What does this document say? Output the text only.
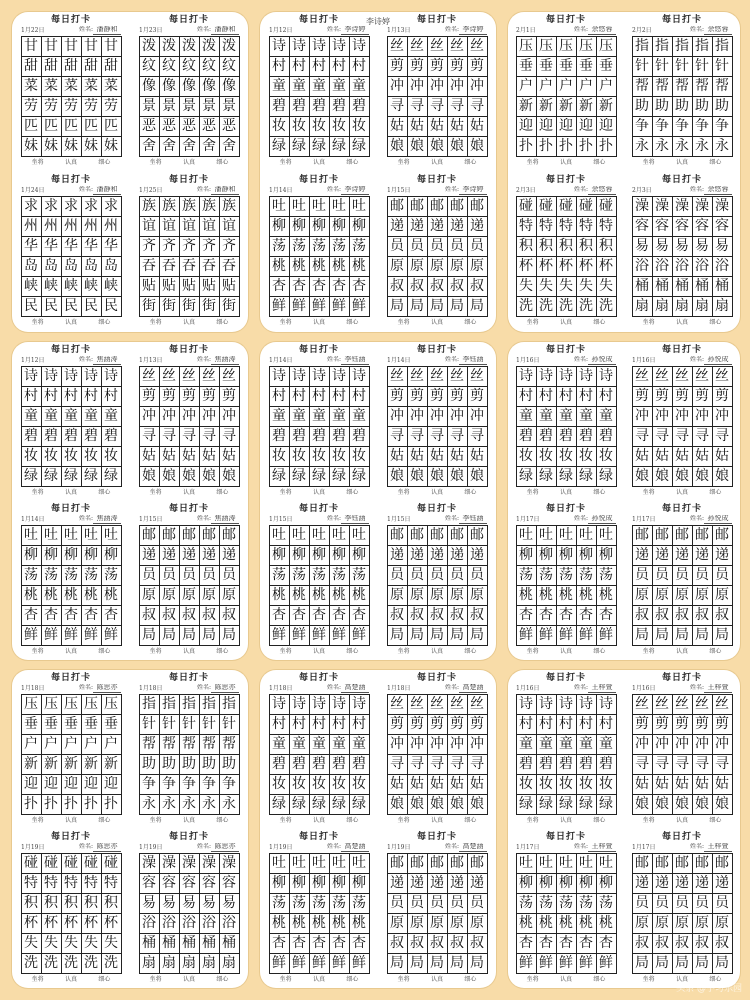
每日打卡
1月22日	姓名: 潘静和
甘	甘	甘	甘	甘
甜	甜	甜	甜	甜
菜	菜	菜	菜	菜
劳	劳	劳	劳	劳
匹	匹	匹	匹	匹
妹	妹	妹	妹	妹
坐将	认真	细心
每日打卡
1月23日	姓名: 潘静和
泼	泼	泼	泼	泼
纹	纹	纹	纹	纹
像	像	像	像	像
景	景	景	景	景
恶	恶	恶	恶	恶
舍	舍	舍	舍	舍
坐将	认真	细心
每日打卡
1月24日	姓名: 潘静和
求	求	求	求	求
州	州	州	州	州
华	华	华	华	华
岛	岛	岛	岛	岛
峡	峡	峡	峡	峡
民	民	民	民	民
坐将	认真	细心
每日打卡
1月25日	姓名: 潘静和
族	族	族	族	族
谊	谊	谊	谊	谊
齐	齐	齐	齐	齐
吞	吞	吞	吞	吞
贴	贴	贴	贴	贴
街	街	街	街	街
坐将	认真	细心
李诗婷
每日打卡
1月12日	姓名: 李诗婷
诗	诗	诗	诗	诗
村	村	村	村	村
童	童	童	童	童
碧	碧	碧	碧	碧
妆	妆	妆	妆	妆
绿	绿	绿	绿	绿
坐将	认真	细心
每日打卡
1月13日	姓名: 李诗婷
丝	丝	丝	丝	丝
剪	剪	剪	剪	剪
冲	冲	冲	冲	冲
寻	寻	寻	寻	寻
姑	姑	姑	姑	姑
娘	娘	娘	娘	娘
坐将	认真	细心
每日打卡
1月14日	姓名: 李诗婷
吐	吐	吐	吐	吐
柳	柳	柳	柳	柳
荡	荡	荡	荡	荡
桃	桃	桃	桃	桃
杏	杏	杏	杏	杏
鲜	鲜	鲜	鲜	鲜
坐将	认真	细心
每日打卡
1月15日	姓名: 李诗婷
邮	邮	邮	邮	邮
递	递	递	递	递
员	员	员	员	员
原	原	原	原	原
叔	叔	叔	叔	叔
局	局	局	局	局
坐将	认真	细心
每日打卡
2月1日	姓名: 余悠蓉
压	压	压	压	压
垂	垂	垂	垂	垂
户	户	户	户	户
新	新	新	新	新
迎	迎	迎	迎	迎
扑	扑	扑	扑	扑
坐将	认真	细心
每日打卡
2月2日	姓名: 余悠蓉
指	指	指	指	指
针	针	针	针	针
帮	帮	帮	帮	帮
助	助	助	助	助
争	争	争	争	争
永	永	永	永	永
坐将	认真	细心
每日打卡
2月3日	姓名: 余悠蓉
碰	碰	碰	碰	碰
特	特	特	特	特
积	积	积	积	积
杯	杯	杯	杯	杯
失	失	失	失	失
洗	洗	洗	洗	洗
坐将	认真	细心
每日打卡
2月3日	姓名: 余悠蓉
澡	澡	澡	澡	澡
容	容	容	容	容
易	易	易	易	易
浴	浴	浴	浴	浴
桶	桶	桶	桶	桶
扇	扇	扇	扇	扇
坐将	认真	细心
每日打卡
1月12日	姓名: 焦涵涛
诗	诗	诗	诗	诗
村	村	村	村	村
童	童	童	童	童
碧	碧	碧	碧	碧
妆	妆	妆	妆	妆
绿	绿	绿	绿	绿
坐将	认真	细心
每日打卡
1月13日	姓名: 焦涵涛
丝	丝	丝	丝	丝
剪	剪	剪	剪	剪
冲	冲	冲	冲	冲
寻	寻	寻	寻	寻
姑	姑	姑	姑	姑
娘	娘	娘	娘	娘
坐将	认真	细心
每日打卡
1月14日	姓名: 焦涵涛
吐	吐	吐	吐	吐
柳	柳	柳	柳	柳
荡	荡	荡	荡	荡
桃	桃	桃	桃	桃
杏	杏	杏	杏	杏
鲜	鲜	鲜	鲜	鲜
坐将	认真	细心
每日打卡
1月15日	姓名: 焦涵涛
邮	邮	邮	邮	邮
递	递	递	递	递
员	员	员	员	员
原	原	原	原	原
叔	叔	叔	叔	叔
局	局	局	局	局
坐将	认真	细心
每日打卡
1月14日	姓名: 李钰涵
诗	诗	诗	诗	诗
村	村	村	村	村
童	童	童	童	童
碧	碧	碧	碧	碧
妆	妆	妆	妆	妆
绿	绿	绿	绿	绿
坐将	认真	细心
每日打卡
1月14日	姓名: 李钰涵
丝	丝	丝	丝	丝
剪	剪	剪	剪	剪
冲	冲	冲	冲	冲
寻	寻	寻	寻	寻
姑	姑	姑	姑	姑
娘	娘	娘	娘	娘
坐将	认真	细心
每日打卡
1月15日	姓名: 李钰涵
吐	吐	吐	吐	吐
柳	柳	柳	柳	柳
荡	荡	荡	荡	荡
桃	桃	桃	桃	桃
杏	杏	杏	杏	杏
鲜	鲜	鲜	鲜	鲜
坐将	认真	细心
每日打卡
1月15日	姓名: 李钰涵
邮	邮	邮	邮	邮
递	递	递	递	递
员	员	员	员	员
原	原	原	原	原
叔	叔	叔	叔	叔
局	局	局	局	局
坐将	认真	细心
每日打卡
1月16日	姓名: 孙悦成
诗	诗	诗	诗	诗
村	村	村	村	村
童	童	童	童	童
碧	碧	碧	碧	碧
妆	妆	妆	妆	妆
绿	绿	绿	绿	绿
坐将	认真	细心
每日打卡
1月16日	姓名: 孙悦成
丝	丝	丝	丝	丝
剪	剪	剪	剪	剪
冲	冲	冲	冲	冲
寻	寻	寻	寻	寻
姑	姑	姑	姑	姑
娘	娘	娘	娘	娘
坐将	认真	细心
每日打卡
1月17日	姓名: 孙悦成
吐	吐	吐	吐	吐
柳	柳	柳	柳	柳
荡	荡	荡	荡	荡
桃	桃	桃	桃	桃
杏	杏	杏	杏	杏
鲜	鲜	鲜	鲜	鲜
坐将	认真	细心
每日打卡
1月17日	姓名: 孙悦成
邮	邮	邮	邮	邮
递	递	递	递	递
员	员	员	员	员
原	原	原	原	原
叔	叔	叔	叔	叔
局	局	局	局	局
坐将	认真	细心
每日打卡
1月18日	姓名: 陈思亦
压	压	压	压	压
垂	垂	垂	垂	垂
户	户	户	户	户
新	新	新	新	新
迎	迎	迎	迎	迎
扑	扑	扑	扑	扑
坐将	认真	细心
每日打卡
1月18日	姓名: 陈思亦
指	指	指	指	指
针	针	针	针	针
帮	帮	帮	帮	帮
助	助	助	助	助
争	争	争	争	争
永	永	永	永	永
坐将	认真	细心
每日打卡
1月19日	姓名: 陈思亦
碰	碰	碰	碰	碰
特	特	特	特	特
积	积	积	积	积
杯	杯	杯	杯	杯
失	失	失	失	失
洗	洗	洗	洗	洗
坐将	认真	细心
每日打卡
1月19日	姓名: 陈思亦
澡	澡	澡	澡	澡
容	容	容	容	容
易	易	易	易	易
浴	浴	浴	浴	浴
桶	桶	桶	桶	桶
扇	扇	扇	扇	扇
坐将	认真	细心
每日打卡
1月18日	姓名: 高楚涵
诗	诗	诗	诗	诗
村	村	村	村	村
童	童	童	童	童
碧	碧	碧	碧	碧
妆	妆	妆	妆	妆
绿	绿	绿	绿	绿
坐将	认真	细心
每日打卡
1月18日	姓名: 高楚涵
丝	丝	丝	丝	丝
剪	剪	剪	剪	剪
冲	冲	冲	冲	冲
寻	寻	寻	寻	寻
姑	姑	姑	姑	姑
娘	娘	娘	娘	娘
坐将	认真	细心
每日打卡
1月19日	姓名: 高楚涵
吐	吐	吐	吐	吐
柳	柳	柳	柳	柳
荡	荡	荡	荡	荡
桃	桃	桃	桃	桃
杏	杏	杏	杏	杏
鲜	鲜	鲜	鲜	鲜
坐将	认真	细心
每日打卡
1月19日	姓名: 高楚涵
邮	邮	邮	邮	邮
递	递	递	递	递
员	员	员	员	员
原	原	原	原	原
叔	叔	叔	叔	叔
局	局	局	局	局
坐将	认真	细心
每日打卡
1月16日	姓名: 王梓萱
诗	诗	诗	诗	诗
村	村	村	村	村
童	童	童	童	童
碧	碧	碧	碧	碧
妆	妆	妆	妆	妆
绿	绿	绿	绿	绿
坐将	认真	细心
每日打卡
1月16日	姓名: 王梓萱
丝	丝	丝	丝	丝
剪	剪	剪	剪	剪
冲	冲	冲	冲	冲
寻	寻	寻	寻	寻
姑	姑	姑	姑	姑
娘	娘	娘	娘	娘
坐将	认真	细心
每日打卡
1月17日	姓名: 王梓萱
吐	吐	吐	吐	吐
柳	柳	柳	柳	柳
荡	荡	荡	荡	荡
桃	桃	桃	桃	桃
杏	杏	杏	杏	杏
鲜	鲜	鲜	鲜	鲜
坐将	认真	细心
每日打卡
1月17日	姓名: 王梓萱
邮	邮	邮	邮	邮
递	递	递	递	递
员	员	员	员	员
原	原	原	原	原
叔	叔	叔	叔	叔
局	局	局	局	局
坐将	认真	细心
头条 @学习乐园
